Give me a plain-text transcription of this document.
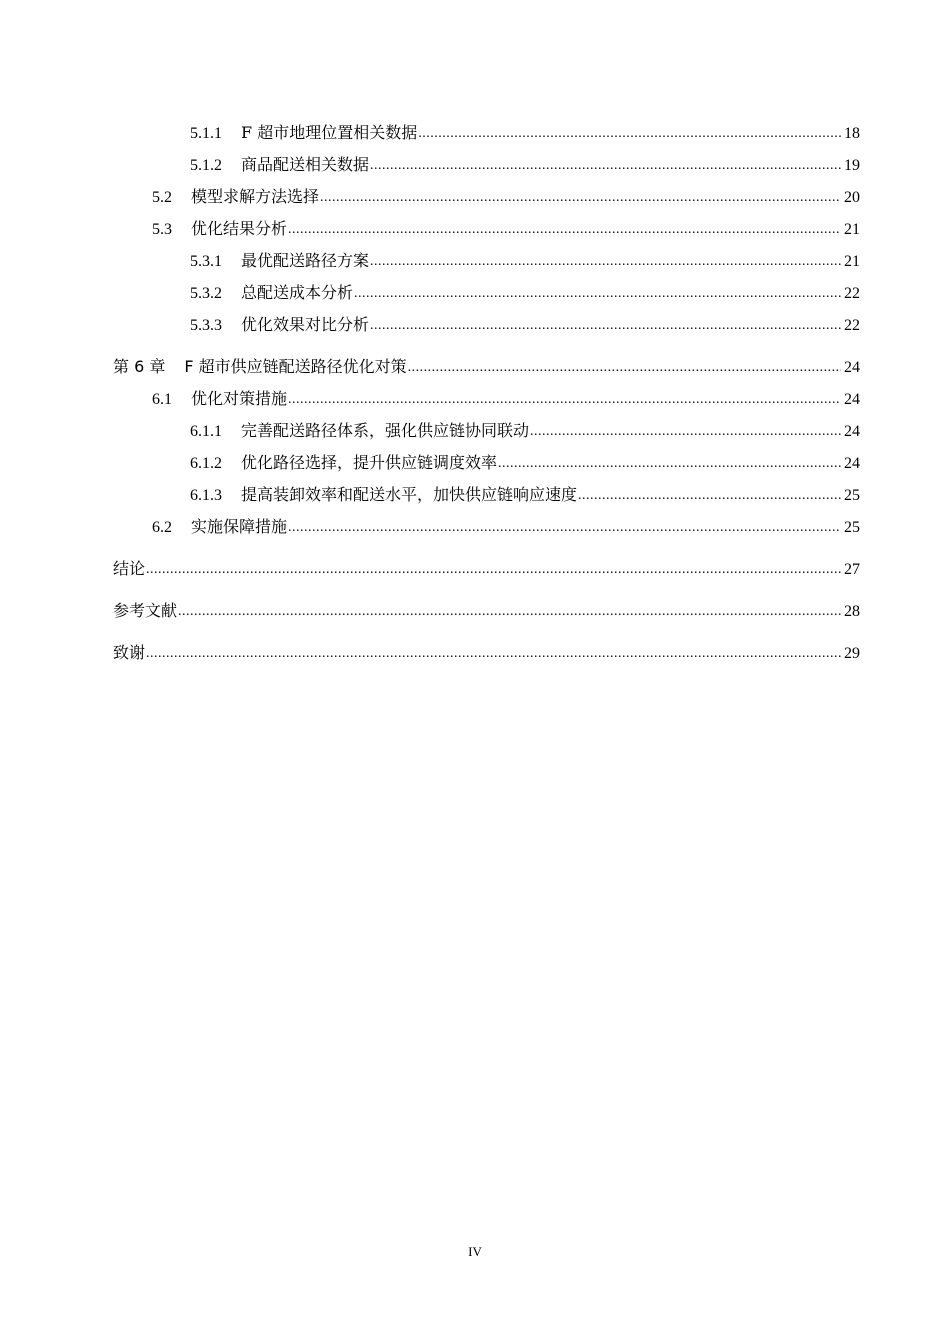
5.1.1 F 超市地理位置相关数据 .....	18
5.1.2 商品配送相关数据 .....	19
5.2 模型求解方法选择 .....	20
5.3 优化结果分析 .....	21
5.3.1 最优配送路径方案 .....	21
5.3.2 总配送成本分析 .....	22
5.3.3 优化效果对比分析 .....	22
第 6 章 F 超市供应链配送路径优化对策 .....	24
6.1 优化对策措施 .....	24
6.1.1 完善配送路径体系，强化供应链协同联动 .....	24
6.1.2 优化路径选择，提升供应链调度效率 .....	24
6.1.3 提高装卸效率和配送水平，加快供应链响应速度 .....	25
6.2 实施保障措施 .....	25
结论 .....	27
参考文献 .....	28
致谢 .....	29
IV
